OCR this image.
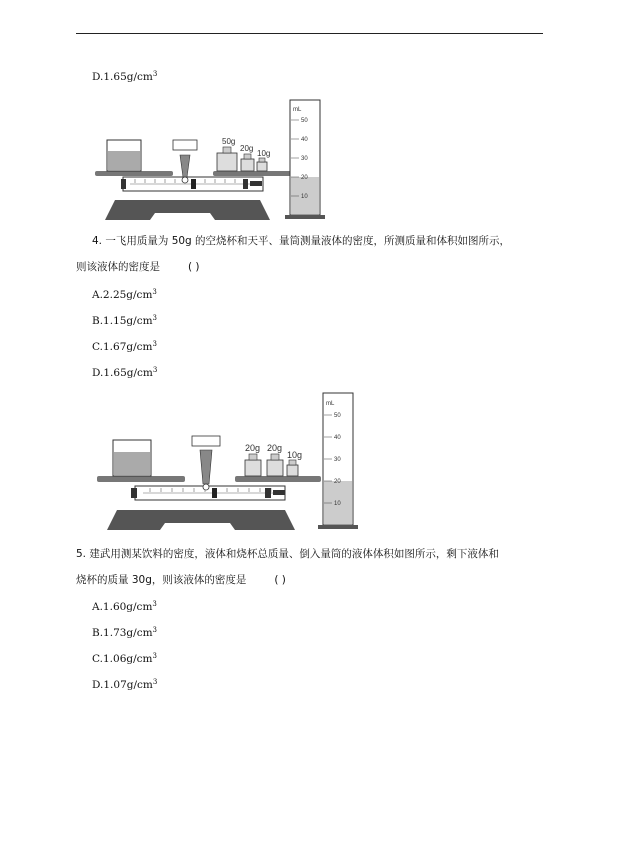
$D.1.65g/cm^3$
50g
20g
10g
mL
50
40
30
20
10
4. 一飞用质量为 50g 的空烧杯和天平、量筒测量液体的密度，所测质量和体积如图所示，
则该液体的密度是	( )
$A.2.25g/cm^3$
$B.1.15g/cm^3$
$C.1.67g/cm^3$
$D.1.65g/cm^3$
20g 20g
10g
mL
50
40
30
20
10
5. 建武用测某饮料的密度，液体和烧杯总质量、倒入量筒的液体体积如图所示，剩下液体和
烧杯的质量 30g，则该液体的密度是	( )
$A.1.60g/cm^3$
$B.1.73g/cm^3$
$C.1.06g/cm^3$
$D.1.07g/cm^3$
